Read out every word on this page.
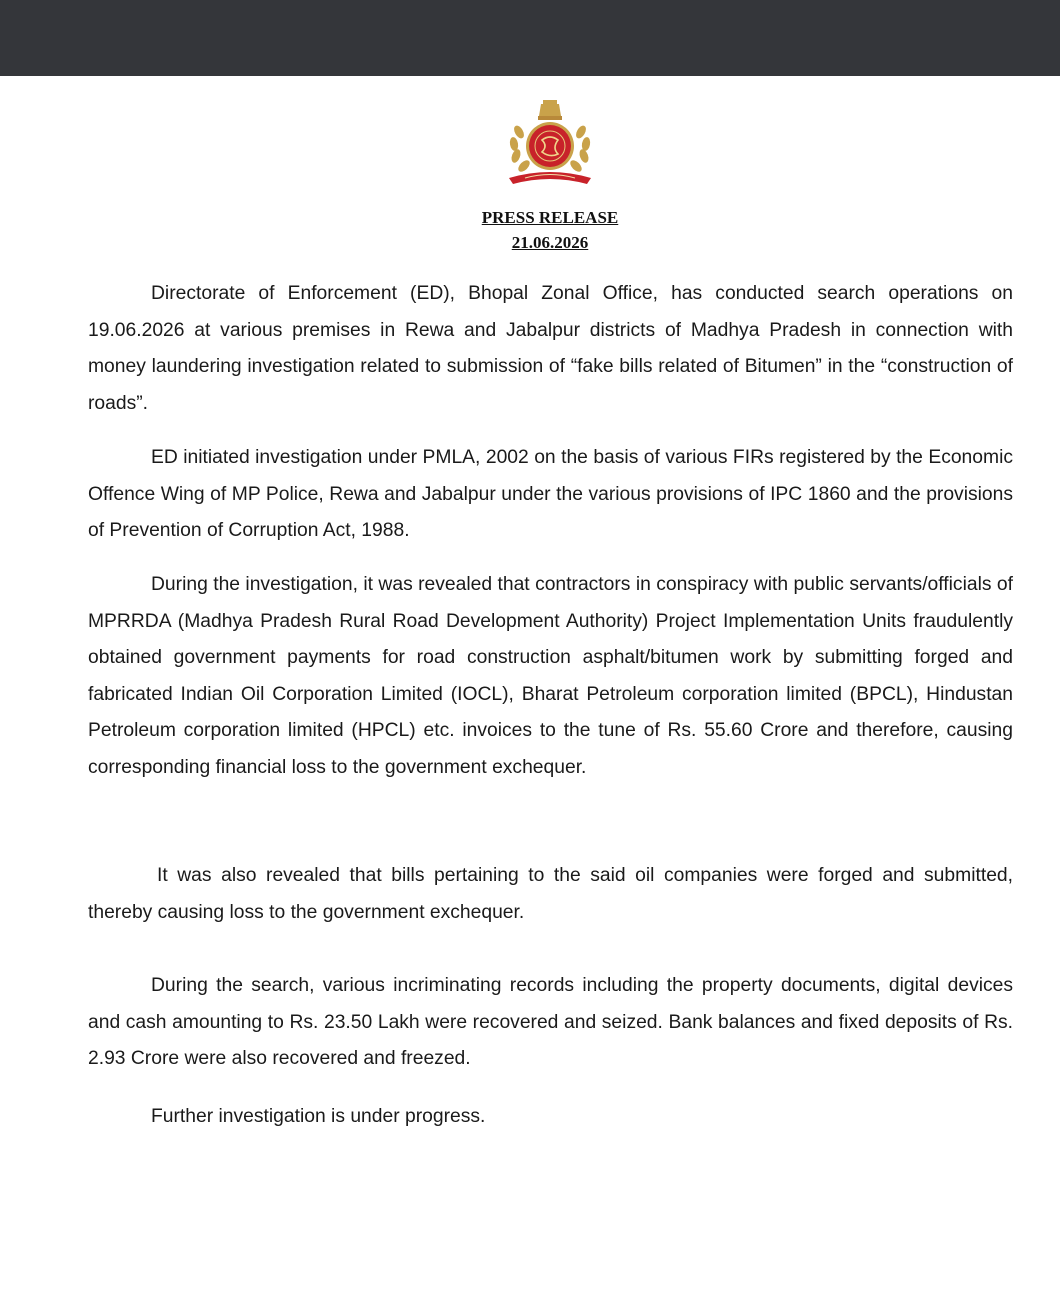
PRESS RELEASE
21.06.2026

Directorate of Enforcement (ED), Bhopal Zonal Office, has conducted search operations on 19.06.2026 at various premises in Rewa and Jabalpur districts of Madhya Pradesh in connection with money laundering investigation related to submission of “fake bills related of Bitumen” in the “construction of roads”.

ED initiated investigation under PMLA, 2002 on the basis of various FIRs registered by the Economic Offence Wing of MP Police, Rewa and Jabalpur under the various provisions of IPC 1860 and the provisions of Prevention of Corruption Act, 1988.

During the investigation, it was revealed that contractors in conspiracy with public servants/officials of MPRRDA (Madhya Pradesh Rural Road Development Authority) Project Implementation Units fraudulently obtained government payments for road construction asphalt/bitumen work by submitting forged and fabricated Indian Oil Corporation Limited (IOCL), Bharat Petroleum corporation limited (BPCL), Hindustan Petroleum corporation limited (HPCL) etc. invoices to the tune of Rs. 55.60 Crore and therefore, causing corresponding financial loss to the government exchequer.

It was also revealed that bills pertaining to the said oil companies were forged and submitted, thereby causing loss to the government exchequer.

During the search, various incriminating records including the property documents, digital devices and cash amounting to Rs. 23.50 Lakh were recovered and seized. Bank balances and fixed deposits of Rs. 2.93 Crore were also recovered and freezed.

Further investigation is under progress.
